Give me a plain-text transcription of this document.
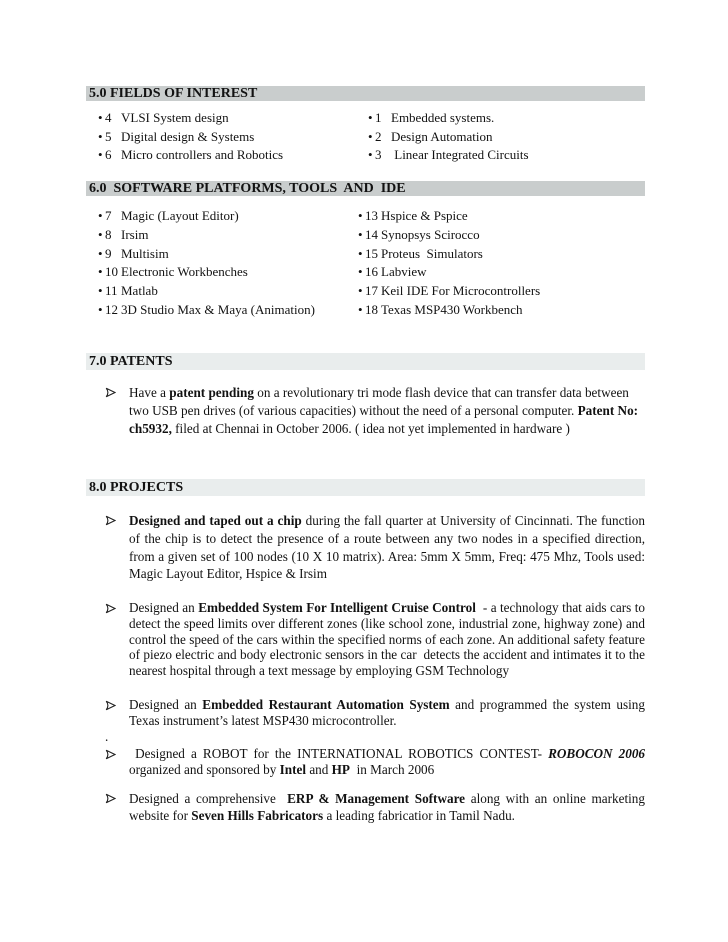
5.0 FIELDS OF INTEREST
• 4 VLSI System design
• 5 Digital design & Systems
• 6 Micro controllers and Robotics
• 1 Embedded systems.
• 2 Design Automation
• 3 Linear Integrated Circuits
6.0  SOFTWARE PLATFORMS, TOOLS  AND  IDE
• 7 Magic (Layout Editor)
• 8 Irsim
• 9 Multisim
• 10 Electronic Workbenches
• 11 Matlab
• 12 3D Studio Max & Maya (Animation)
• 13 Hspice & Pspice
• 14 Synopsys Scirocco
• 15 Proteus  Simulators
• 16 Labview
• 17 Keil IDE For Microcontrollers
• 18 Texas MSP430 Workbench
7.0 PATENTS

Have a patent pending on a revolutionary tri mode flash device that can transfer data between two USB pen drives (of various capacities) without the need of a personal computer. Patent No: ch5932, filed at Chennai in October 2006. ( idea not yet implemented in hardware )

8.0 PROJECTS

Designed and taped out a chip during the fall quarter at University of Cincinnati. The function of the chip is to detect the presence of a route between any two nodes in a specified direction, from a given set of 100 nodes (10 X 10 matrix). Area: 5mm X 5mm, Freq: 475 Mhz, Tools used: Magic Layout Editor, Hspice & Irsim

Designed an Embedded System For Intelligent Cruise Control  - a technology that aids cars to detect the speed limits over different zones (like school zone, industrial zone, highway zone) and control the speed of the cars within the specified norms of each zone. An additional safety feature of piezo electric and body electronic sensors in the car  detects the accident and intimates it to the nearest hospital through a text message by employing GSM Technology

Designed an Embedded Restaurant Automation System and programmed the system using Texas instrument’s latest MSP430 microcontroller.

.

Designed a ROBOT for the INTERNATIONAL ROBOTICS CONTEST- ROBOCON 2006  organized and sponsored by Intel and HP  in March 2006

Designed a comprehensive  ERP & Management Software along with an online marketing website for Seven Hills Fabricators a leading fabricatior in Tamil Nadu.
